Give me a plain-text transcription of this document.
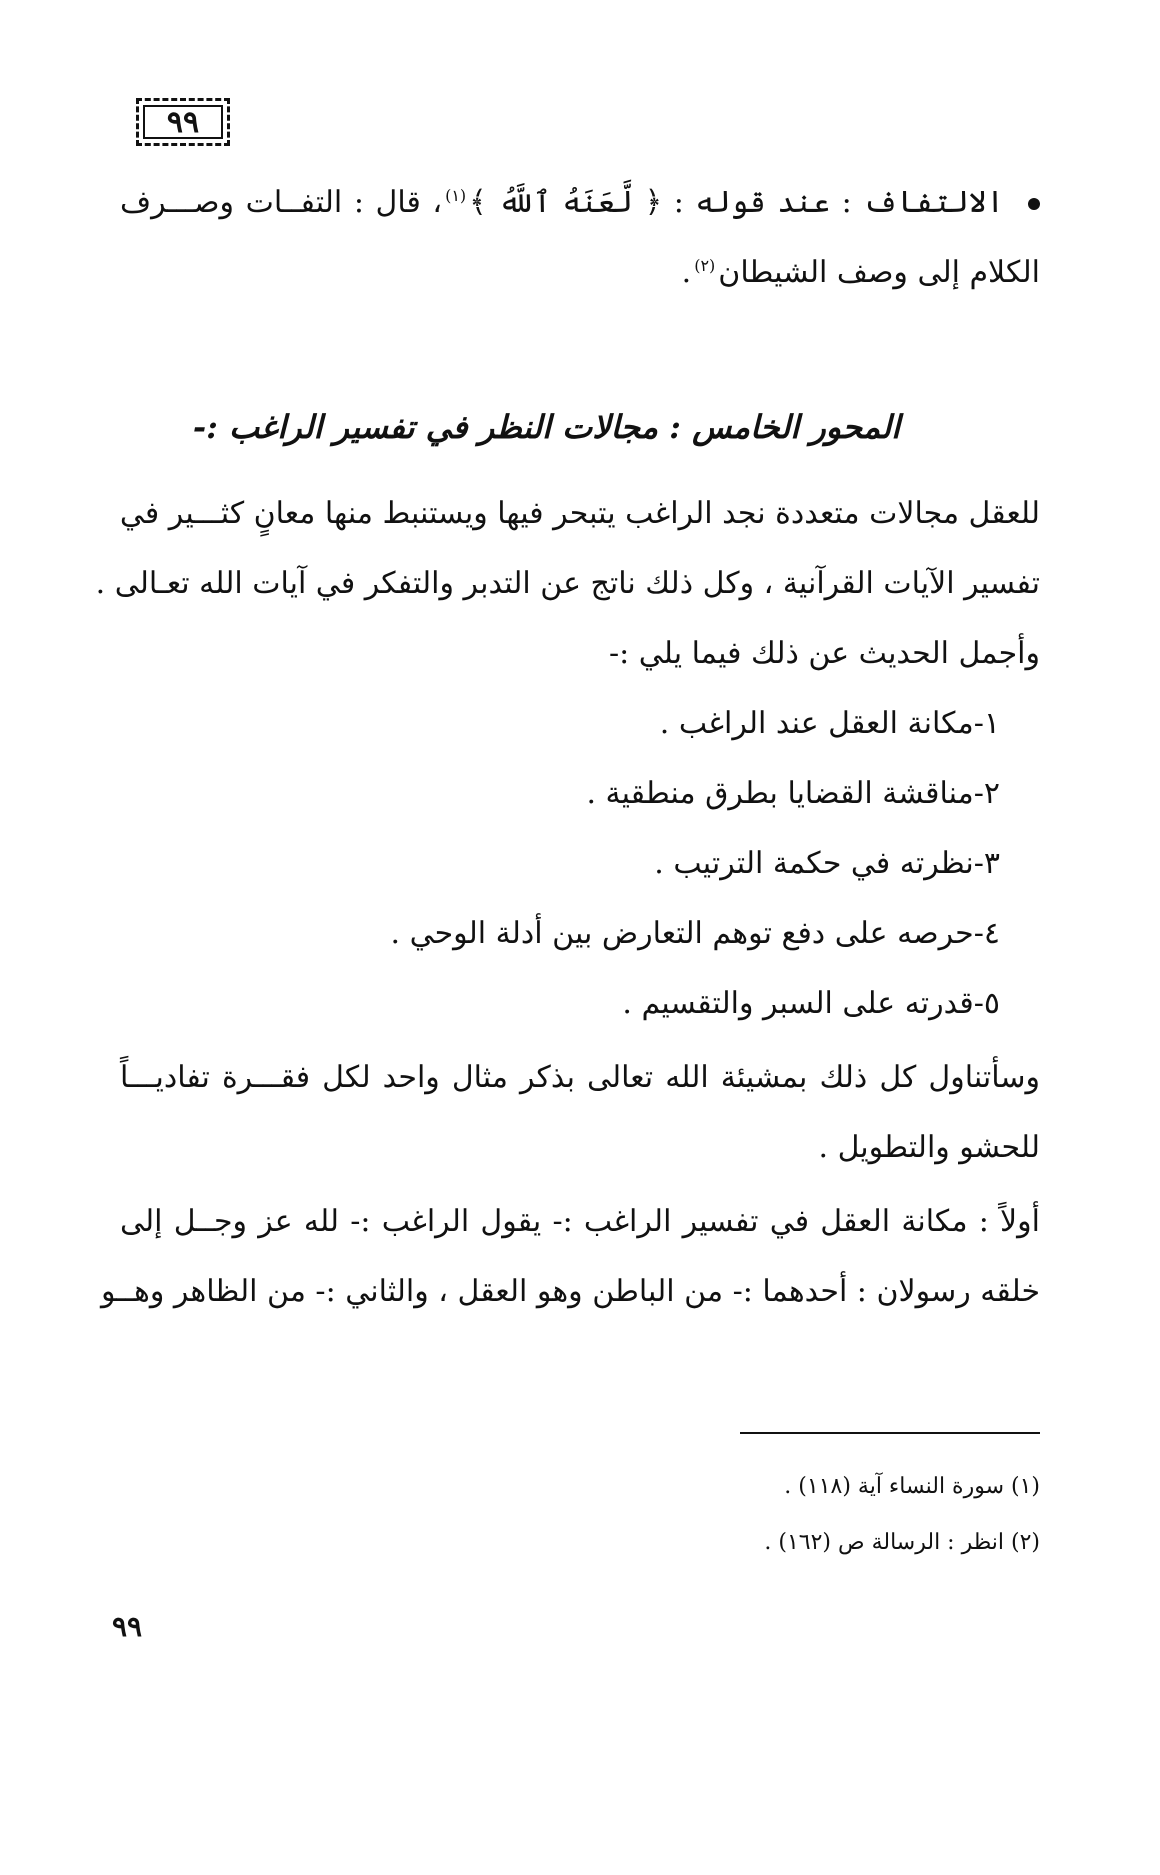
٩٩
الالتفاف : عند قوله : ﴿ لَّعَنَهُ ٱللَّهُ ﴾$^{(١)}$، قال : التفــات وصـــرف
الكلام إلى وصف الشيطان$^{(٢)}$.
المحور الخامس : مجالات النظر في تفسير الراغب :-
للعقل مجالات متعددة نجد الراغب يتبحر فيها ويستنبط منها معانٍ كثـــير في
تفسير الآيات القرآنية ، وكل ذلك ناتج عن التدبر والتفكر في آيات الله تعـالى .
وأجمل الحديث عن ذلك فيما يلي :-
١-مكانة العقل عند الراغب .
٢-مناقشة القضايا بطرق منطقية .
٣-نظرته في حكمة الترتيب .
٤-حرصه على دفع توهم التعارض بين أدلة الوحي .
٥-قدرته على السبر والتقسيم .
وسأتناول كل ذلك بمشيئة الله تعالى بذكر مثال واحد لكل فقـــرة تفاديـــاً
للحشو والتطويل .
أولاً : مكانة العقل في تفسير الراغب :- يقول الراغب :- لله عز وجــل إلى
خلقه رسولان : أحدهما :- من الباطن وهو العقل ، والثاني :- من الظاهر وهــو
(١) سورة النساء آية (١١٨) .
(٢) انظر : الرسالة ص (١٦٢) .
٩٩
